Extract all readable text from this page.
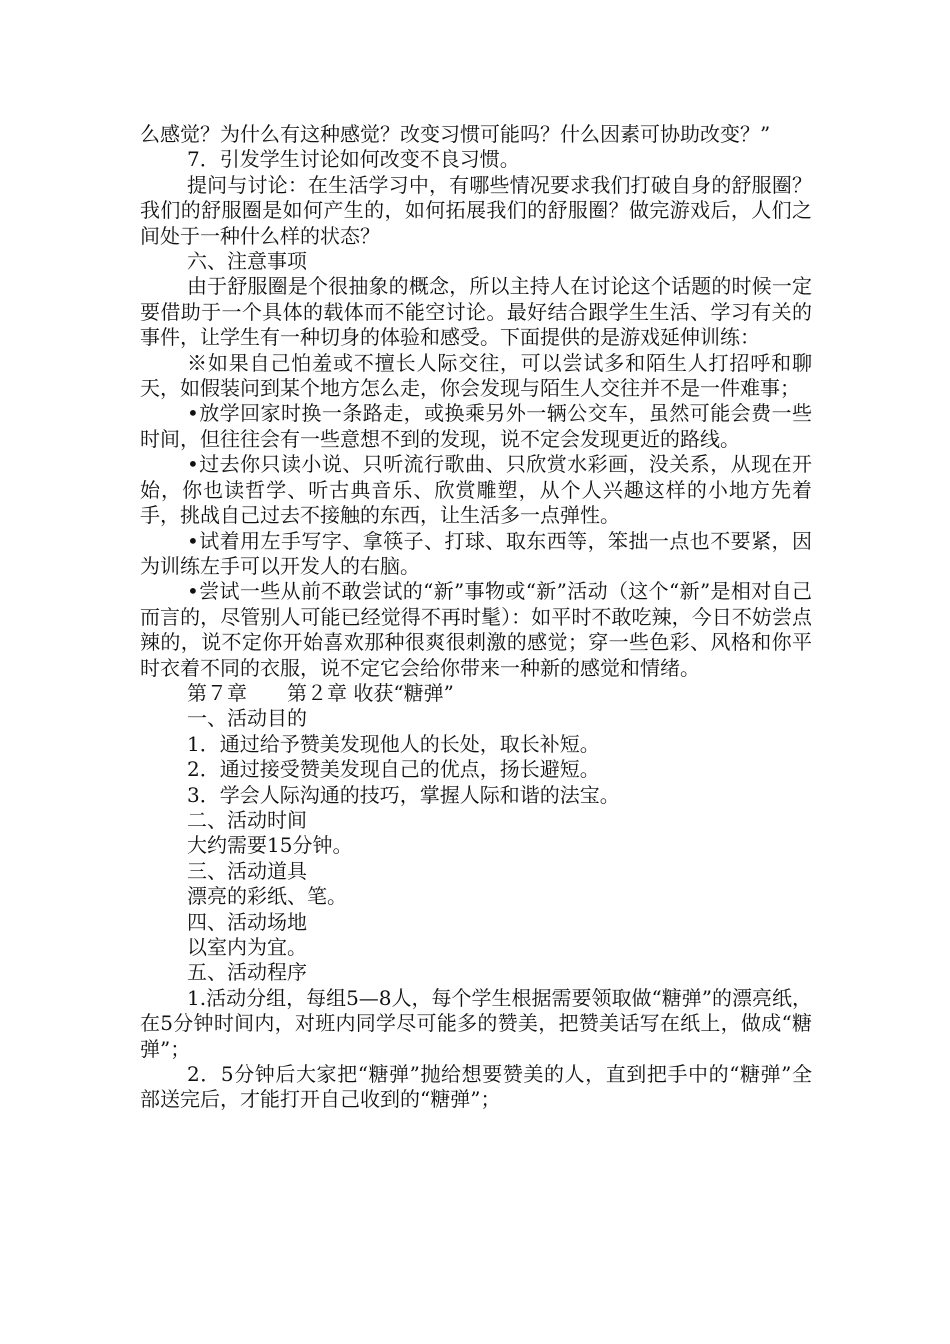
么感觉？为什么有这种感觉？改变习惯可能吗？什么因素可协助改变？”

7．引发学生讨论如何改变不良习惯。

提问与讨论：在生活学习中，有哪些情况要求我们打破自身的舒服圈？我们的舒服圈是如何产生的，如何拓展我们的舒服圈？做完游戏后，人们之间处于一种什么样的状态？

六、注意事项

由于舒服圈是个很抽象的概念，所以主持人在讨论这个话题的时候一定要借助于一个具体的载体而不能空讨论。最好结合跟学生生活、学习有关的事件，让学生有一种切身的体验和感受。下面提供的是游戏延伸训练：

※如果自己怕羞或不擅长人际交往，可以尝试多和陌生人打招呼和聊天，如假装问到某个地方怎么走，你会发现与陌生人交往并不是一件难事；

•放学回家时换一条路走，或换乘另外一辆公交车，虽然可能会费一些时间，但往往会有一些意想不到的发现，说不定会发现更近的路线。

•过去你只读小说、只听流行歌曲、只欣赏水彩画，没关系，从现在开始，你也读哲学、听古典音乐、欣赏雕塑，从个人兴趣这样的小地方先着手，挑战自己过去不接触的东西，让生活多一点弹性。

•试着用左手写字、拿筷子、打球、取东西等，笨拙一点也不要紧，因为训练左手可以开发人的右脑。

•尝试一些从前不敢尝试的“新”事物或“新”活动（这个“新”是相对自己而言的，尽管别人可能已经觉得不再时髦）：如平时不敢吃辣，今日不妨尝点辣的，说不定你开始喜欢那种很爽很刺激的感觉；穿一些色彩、风格和你平时衣着不同的衣服，说不定它会给你带来一种新的感觉和情绪。

第７章　　第２章 收获“糖弹”

一、活动目的

1．通过给予赞美发现他人的长处，取长补短。

2．通过接受赞美发现自己的优点，扬长避短。

3．学会人际沟通的技巧，掌握人际和谐的法宝。

二、活动时间

大约需要15分钟。

三、活动道具

漂亮的彩纸、笔。

四、活动场地

以室内为宜。

五、活动程序

1.活动分组，每组5—8人，每个学生根据需要领取做“糖弹”的漂亮纸，在5分钟时间内，对班内同学尽可能多的赞美，把赞美话写在纸上，做成“糖弹”；

2．5分钟后大家把“糖弹”抛给想要赞美的人，直到把手中的“糖弹”全部送完后，才能打开自己收到的“糖弹”；
